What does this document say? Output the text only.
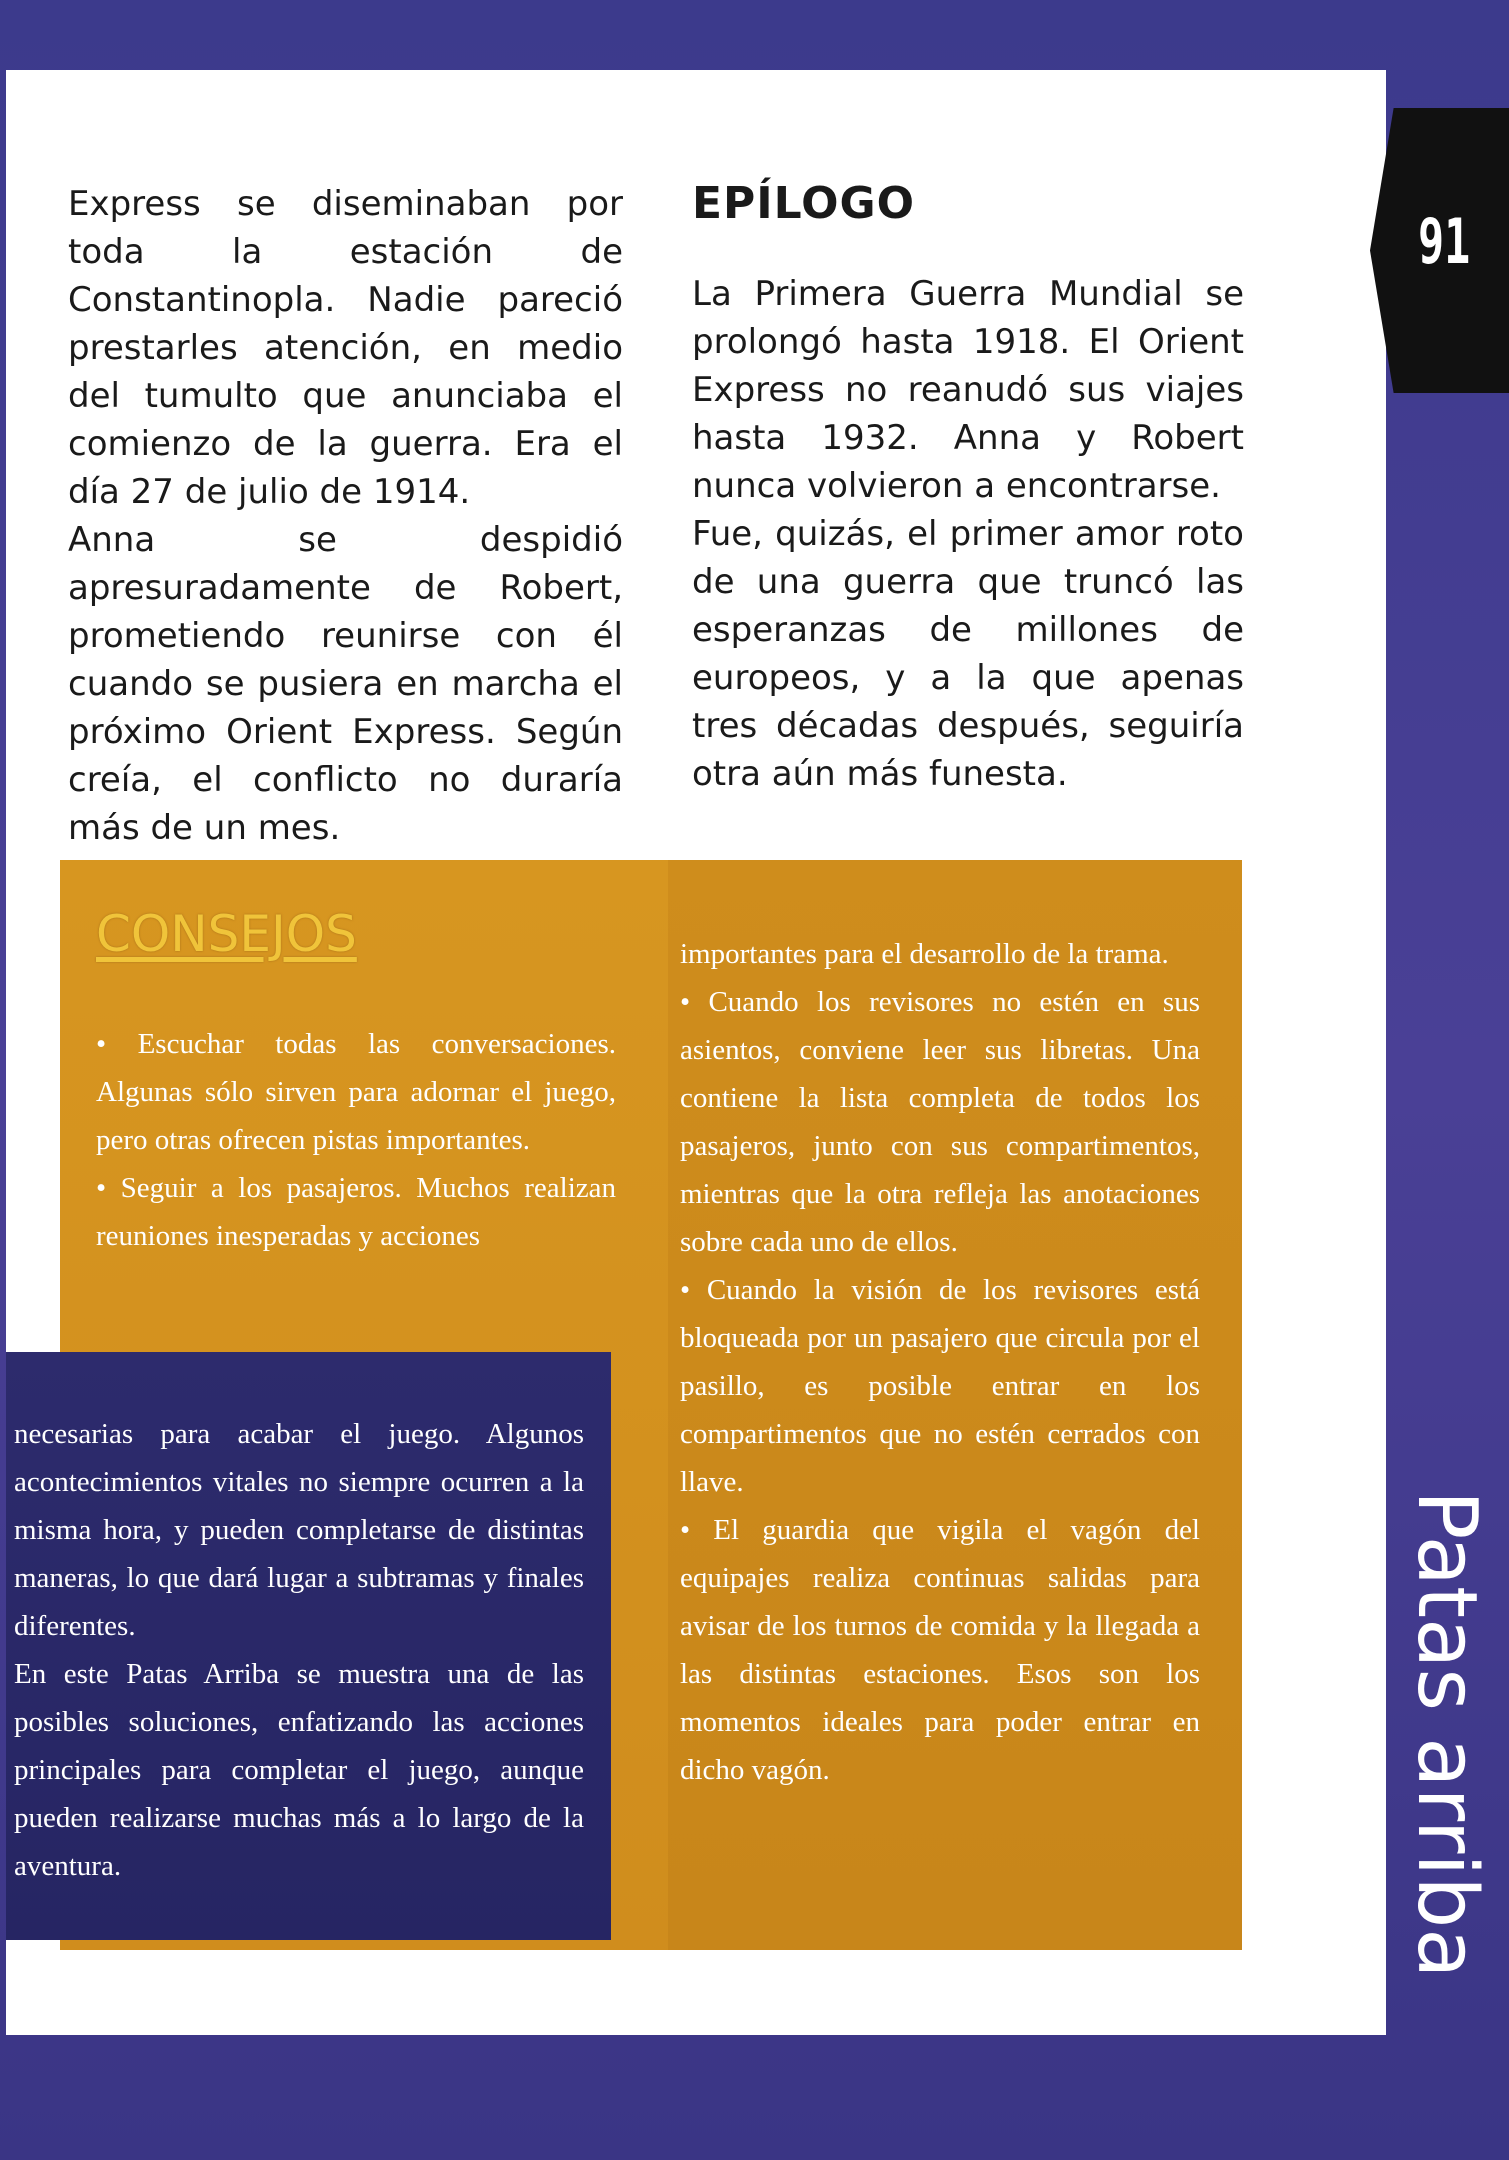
91
Patas arriba

Express se diseminaban por toda la estación de Constantinopla. Nadie pareció prestarles atención, en medio del tumulto que anunciaba el comienzo de la guerra. Era el día 27 de julio de 1914.

Anna se despidió apresuradamente de Robert, prometiendo reunirse con él cuando se pusiera en marcha el próximo Orient Express. Según creía, el conflicto no duraría más de un mes.

EPÍLOGO

La Primera Guerra Mundial se prolongó hasta 1918. El Orient Express no reanudó sus viajes hasta 1932. Anna y Robert nunca volvieron a encontrarse.

Fue, quizás, el primer amor roto de una guerra que truncó las esperanzas de millones de europeos, y a la que apenas tres décadas después, seguiría otra aún más funesta.

CONSEJOS

• Escuchar todas las conversaciones. Algunas sólo sirven para adornar el juego, pero otras ofrecen pistas importantes.

• Seguir a los pasajeros. Muchos realizan reuniones inesperadas y acciones

importantes para el desarrollo de la trama.

• Cuando los revisores no estén en sus asientos, conviene leer sus libretas. Una contiene la lista completa de todos los pasajeros, junto con sus compartimentos, mientras que la otra refleja las anotaciones sobre cada uno de ellos.

• Cuando la visión de los revisores está bloqueada por un pasajero que circula por el pasillo, es posible entrar en los compartimentos que no estén cerrados con llave.

• El guardia que vigila el vagón del equipajes realiza continuas salidas para avisar de los turnos de comida y la llegada a las distintas estaciones. Esos son los momentos ideales para poder entrar en dicho vagón.

necesarias para acabar el juego. Algunos acontecimientos vitales no siempre ocurren a la misma hora, y pueden completarse de distintas maneras, lo que dará lugar a subtramas y finales diferentes.

En este Patas Arriba se muestra una de las posibles soluciones, enfatizando las acciones principales para completar el juego, aunque pueden realizarse muchas más a lo largo de la aventura.
